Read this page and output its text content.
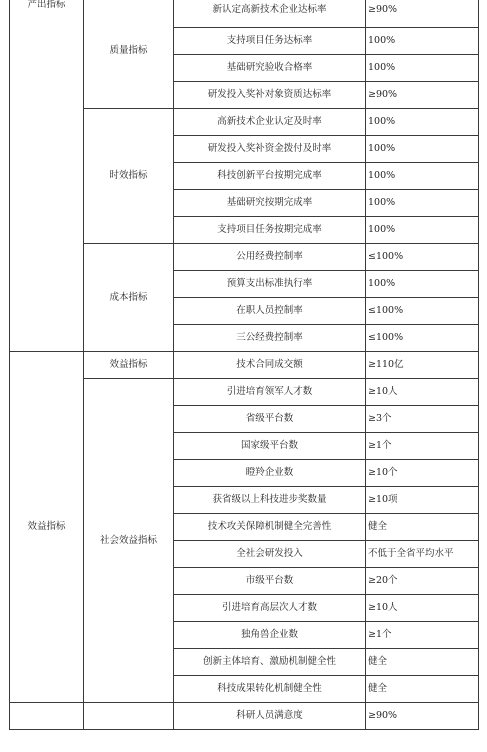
产出指标	质量指标	新认定高新技术企业达标率	≥90%
		支持项目任务达标率	100%
		基础研究验收合格率	100%
		研发投入奖补对象资质达标率	≥90%
	时效指标	高新技术企业认定及时率	100%
		研发投入奖补资金拨付及时率	100%
		科技创新平台按期完成率	100%
		基础研究按期完成率	100%
		支持项目任务按期完成率	100%
	成本指标	公用经费控制率	≤100%
		预算支出标准执行率	100%
		在职人员控制率	≤100%
		三公经费控制率	≤100%
效益指标	效益指标	技术合同成交额	≥110亿
	社会效益指标	引进培育领军人才数	≥10人
		省级平台数	≥3个
		国家级平台数	≥1个
		瞪羚企业数	≥10个
		获省级以上科技进步奖数量	≥10项
		技术攻关保障机制健全完善性	健全
		全社会研发投入	不低于全省平均水平
		市级平台数	≥20个
		引进培育高层次人才数	≥10人
		独角兽企业数	≥1个
		创新主体培育、激励机制健全性	健全
		科技成果转化机制健全性	健全
		科研人员满意度	≥90%
